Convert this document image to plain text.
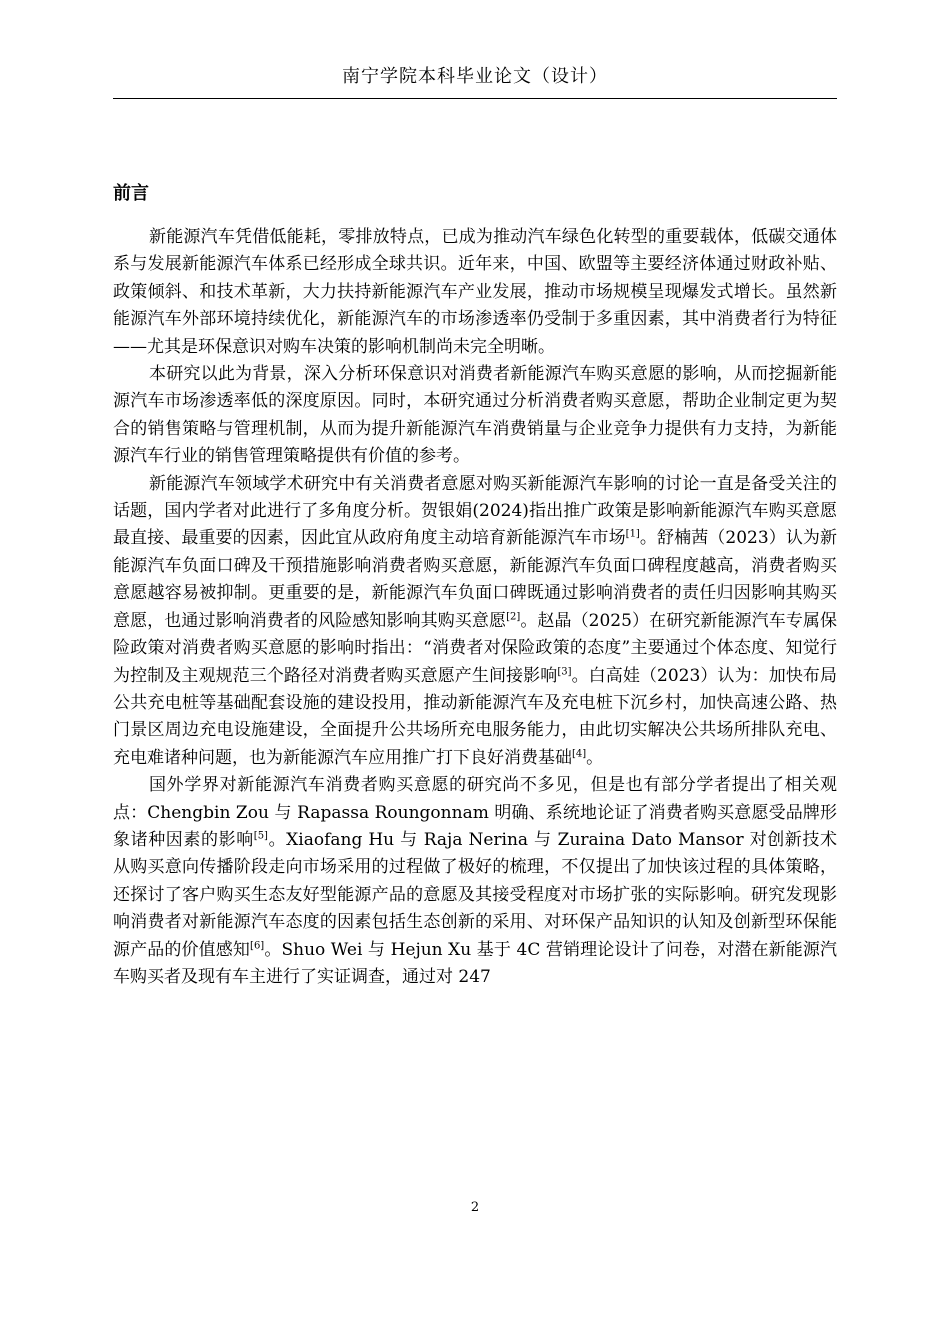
南宁学院本科毕业论文（设计）
前言

新能源汽车凭借低能耗，零排放特点，已成为推动汽车绿色化转型的重要载体，低碳交通体系与发展新能源汽车体系已经形成全球共识。近年来，中国、欧盟等主要经济体通过财政补贴、政策倾斜、和技术革新，大力扶持新能源汽车产业发展，推动市场规模呈现爆发式增长。虽然新能源汽车外部环境持续优化，新能源汽车的市场渗透率仍受制于多重因素，其中消费者行为特征——尤其是环保意识对购车决策的影响机制尚未完全明晰。

本研究以此为背景，深入分析环保意识对消费者新能源汽车购买意愿的影响，从而挖掘新能源汽车市场渗透率低的深度原因。同时，本研究通过分析消费者购买意愿，帮助企业制定更为契合的销售策略与管理机制，从而为提升新能源汽车消费销量与企业竞争力提供有力支持，为新能源汽车行业的销售管理策略提供有价值的参考。

新能源汽车领域学术研究中有关消费者意愿对购买新能源汽车影响的讨论一直是备受关注的话题，国内学者对此进行了多角度分析。贺银娟(2024)指出推广政策是影响新能源汽车购买意愿最直接、最重要的因素，因此宜从政府角度主动培育新能源汽车市场[1]。舒楠茜（2023）认为新能源汽车负面口碑及干预措施影响消费者购买意愿，新能源汽车负面口碑程度越高，消费者购买意愿越容易被抑制。更重要的是，新能源汽车负面口碑既通过影响消费者的责任归因影响其购买意愿，也通过影响消费者的风险感知影响其购买意愿[2]。赵晶（2025）在研究新能源汽车专属保险政策对消费者购买意愿的影响时指出：“消费者对保险政策的态度”主要通过个体态度、知觉行为控制及主观规范三个路径对消费者购买意愿产生间接影响[3]。白高娃（2023）认为：加快布局公共充电桩等基础配套设施的建设投用，推动新能源汽车及充电桩下沉乡村，加快高速公路、热门景区周边充电设施建设，全面提升公共场所充电服务能力，由此切实解决公共场所排队充电、充电难诸种问题，也为新能源汽车应用推广打下良好消费基础[4]。

国外学界对新能源汽车消费者购买意愿的研究尚不多见，但是也有部分学者提出了相关观点：Chengbin Zou 与 Rapassa Roungonnam 明确、系统地论证了消费者购买意愿受品牌形象诸种因素的影响[5]。Xiaofang Hu 与 Raja Nerina 与 Zuraina Dato Mansor 对创新技术从购买意向传播阶段走向市场采用的过程做了极好的梳理，不仅提出了加快该过程的具体策略，还探讨了客户购买生态友好型能源产品的意愿及其接受程度对市场扩张的实际影响。研究发现影响消费者对新能源汽车态度的因素包括生态创新的采用、对环保产品知识的认知及创新型环保能源产品的价值感知[6]。Shuo Wei 与 Hejun Xu 基于 4C 营销理论设计了问卷，对潜在新能源汽车购买者及现有车主进行了实证调查，通过对 247

2
